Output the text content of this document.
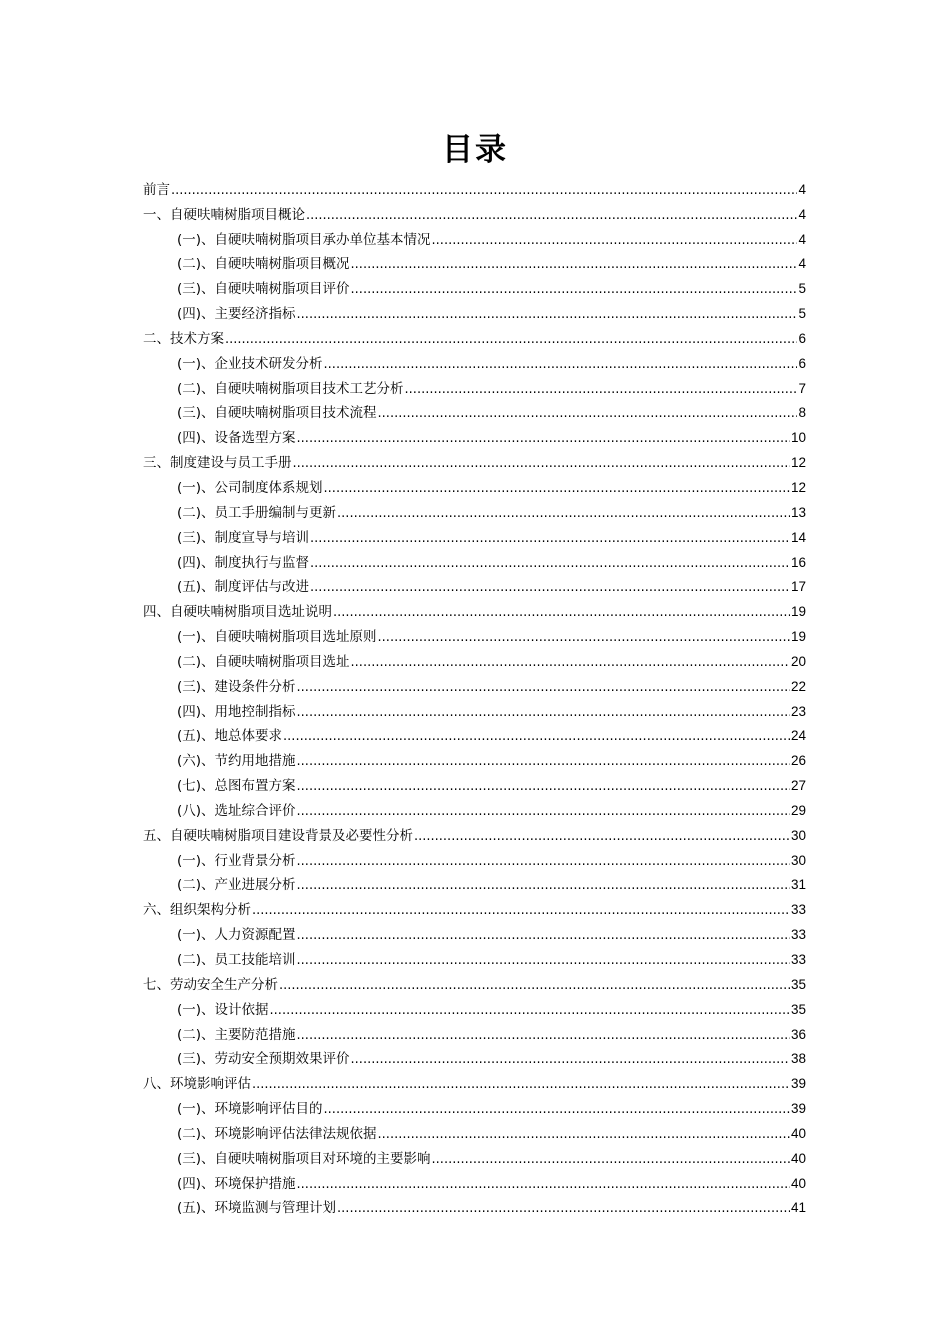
目录
前言 .....	4
一、自硬呋喃树脂项目概论 .....	4
(一)、自硬呋喃树脂项目承办单位基本情况 .....	4
(二)、自硬呋喃树脂项目概况 .....	4
(三)、自硬呋喃树脂项目评价 .....	5
(四)、主要经济指标 .....	5
二、技术方案 .....	6
(一)、企业技术研发分析 .....	6
(二)、自硬呋喃树脂项目技术工艺分析 .....	7
(三)、自硬呋喃树脂项目技术流程 .....	8
(四)、设备选型方案 .....	10
三、制度建设与员工手册 .....	12
(一)、公司制度体系规划 .....	12
(二)、员工手册编制与更新 .....	13
(三)、制度宣导与培训 .....	14
(四)、制度执行与监督 .....	16
(五)、制度评估与改进 .....	17
四、自硬呋喃树脂项目选址说明 .....	19
(一)、自硬呋喃树脂项目选址原则 .....	19
(二)、自硬呋喃树脂项目选址 .....	20
(三)、建设条件分析 .....	22
(四)、用地控制指标 .....	23
(五)、地总体要求 .....	24
(六)、节约用地措施 .....	26
(七)、总图布置方案 .....	27
(八)、选址综合评价 .....	29
五、自硬呋喃树脂项目建设背景及必要性分析 .....	30
(一)、行业背景分析 .....	30
(二)、产业进展分析 .....	31
六、组织架构分析 .....	33
(一)、人力资源配置 .....	33
(二)、员工技能培训 .....	33
七、劳动安全生产分析 .....	35
(一)、设计依据 .....	35
(二)、主要防范措施 .....	36
(三)、劳动安全预期效果评价 .....	38
八、环境影响评估 .....	39
(一)、环境影响评估目的 .....	39
(二)、环境影响评估法律法规依据 .....	40
(三)、自硬呋喃树脂项目对环境的主要影响 .....	40
(四)、环境保护措施 .....	40
(五)、环境监测与管理计划 .....	41
